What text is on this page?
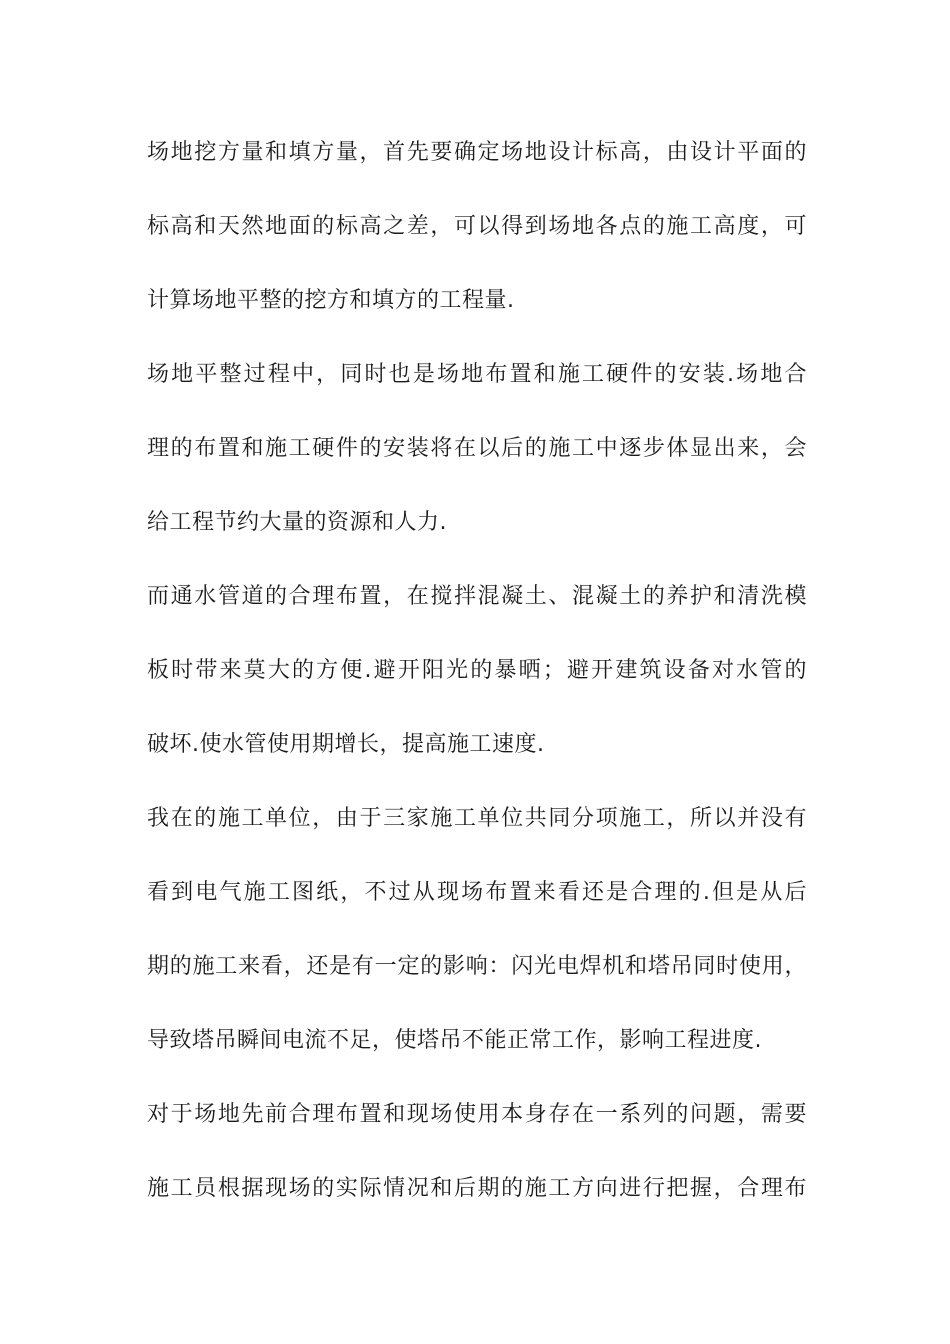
场地挖方量和填方量，首先要确定场地设计标高，由设计平面的
标高和天然地面的标高之差，可以得到场地各点的施工高度，可
计算场地平整的挖方和填方的工程量.
场地平整过程中，同时也是场地布置和施工硬件的安装.场地合
理的布置和施工硬件的安装将在以后的施工中逐步体显出来，会
给工程节约大量的资源和人力.
而通水管道的合理布置，在搅拌混凝土、混凝土的养护和清洗模
板时带来莫大的方便.避开阳光的暴晒；避开建筑设备对水管的
破坏.使水管使用期增长，提高施工速度.
我在的施工单位，由于三家施工单位共同分项施工，所以并没有
看到电气施工图纸，不过从现场布置来看还是合理的.但是从后
期的施工来看，还是有一定的影响：闪光电焊机和塔吊同时使用，
导致塔吊瞬间电流不足，使塔吊不能正常工作，影响工程进度.
对于场地先前合理布置和现场使用本身存在一系列的问题，需要
施工员根据现场的实际情况和后期的施工方向进行把握，合理布
